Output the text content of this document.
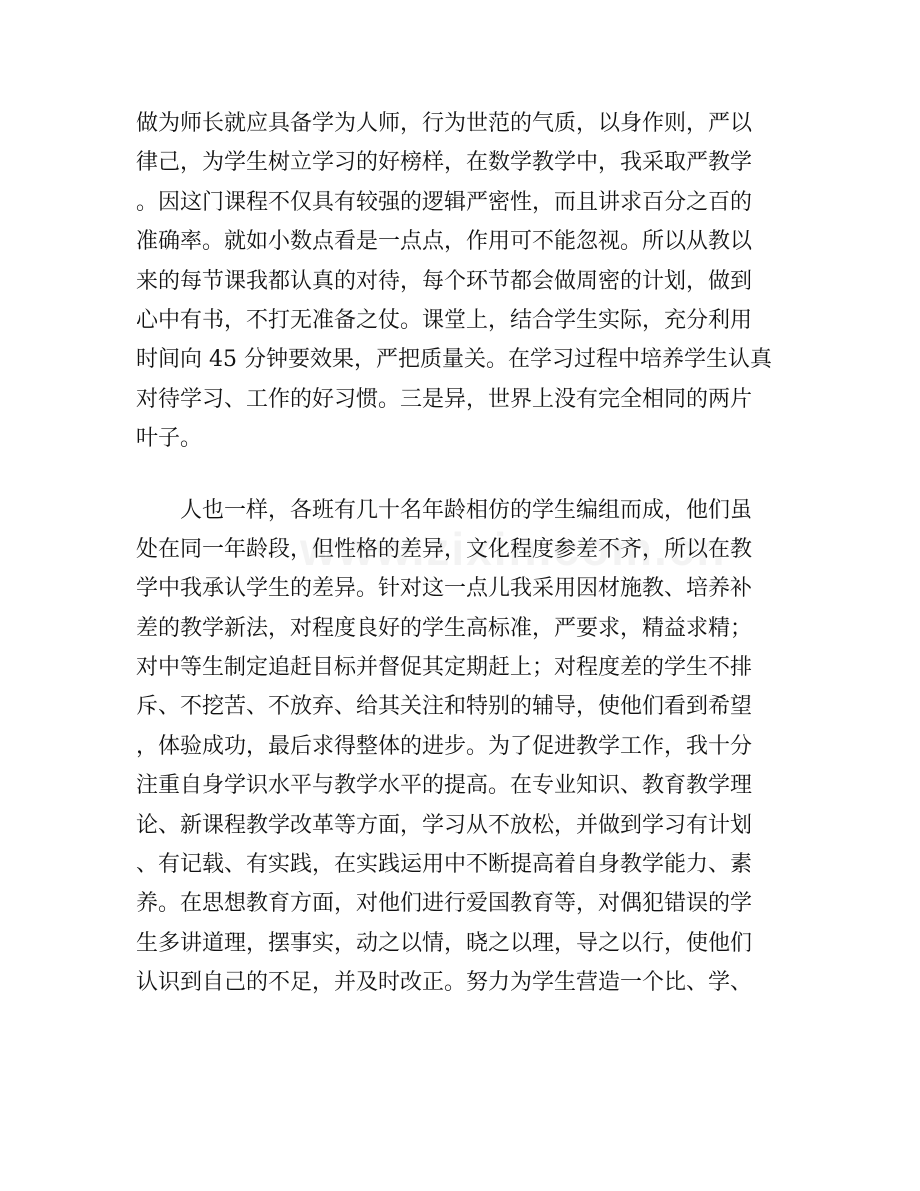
做为师长就应具备学为人师，行为世范的气质，以身作则，严以
律己，为学生树立学习的好榜样，在数学教学中，我采取严教学
。因这门课程不仅具有较强的逻辑严密性，而且讲求百分之百的
准确率。就如小数点看是一点点，作用可不能忽视。所以从教以
来的每节课我都认真的对待，每个环节都会做周密的计划，做到
心中有书，不打无准备之仗。课堂上，结合学生实际，充分利用
时间向 45 分钟要效果，严把质量关。在学习过程中培养学生认真
对待学习、工作的好习惯。三是异，世界上没有完全相同的两片
叶子。
人也一样，各班有几十名年龄相仿的学生编组而成，他们虽
处在同一年龄段，但性格的差异，文化程度参差不齐，所以在教
学中我承认学生的差异。针对这一点儿我采用因材施教、培养补
差的教学新法，对程度良好的学生高标准，严要求，精益求精；
对中等生制定追赶目标并督促其定期赶上；对程度差的学生不排
斥、不挖苦、不放弃、给其关注和特别的辅导，使他们看到希望
，体验成功，最后求得整体的进步。为了促进教学工作，我十分
注重自身学识水平与教学水平的提高。在专业知识、教育教学理
论、新课程教学改革等方面，学习从不放松，并做到学习有计划
、有记载、有实践，在实践运用中不断提高着自身教学能力、素
养。在思想教育方面，对他们进行爱国教育等，对偶犯错误的学
生多讲道理，摆事实，动之以情，晓之以理，导之以行，使他们
认识到自己的不足，并及时改正。努力为学生营造一个比、学、
